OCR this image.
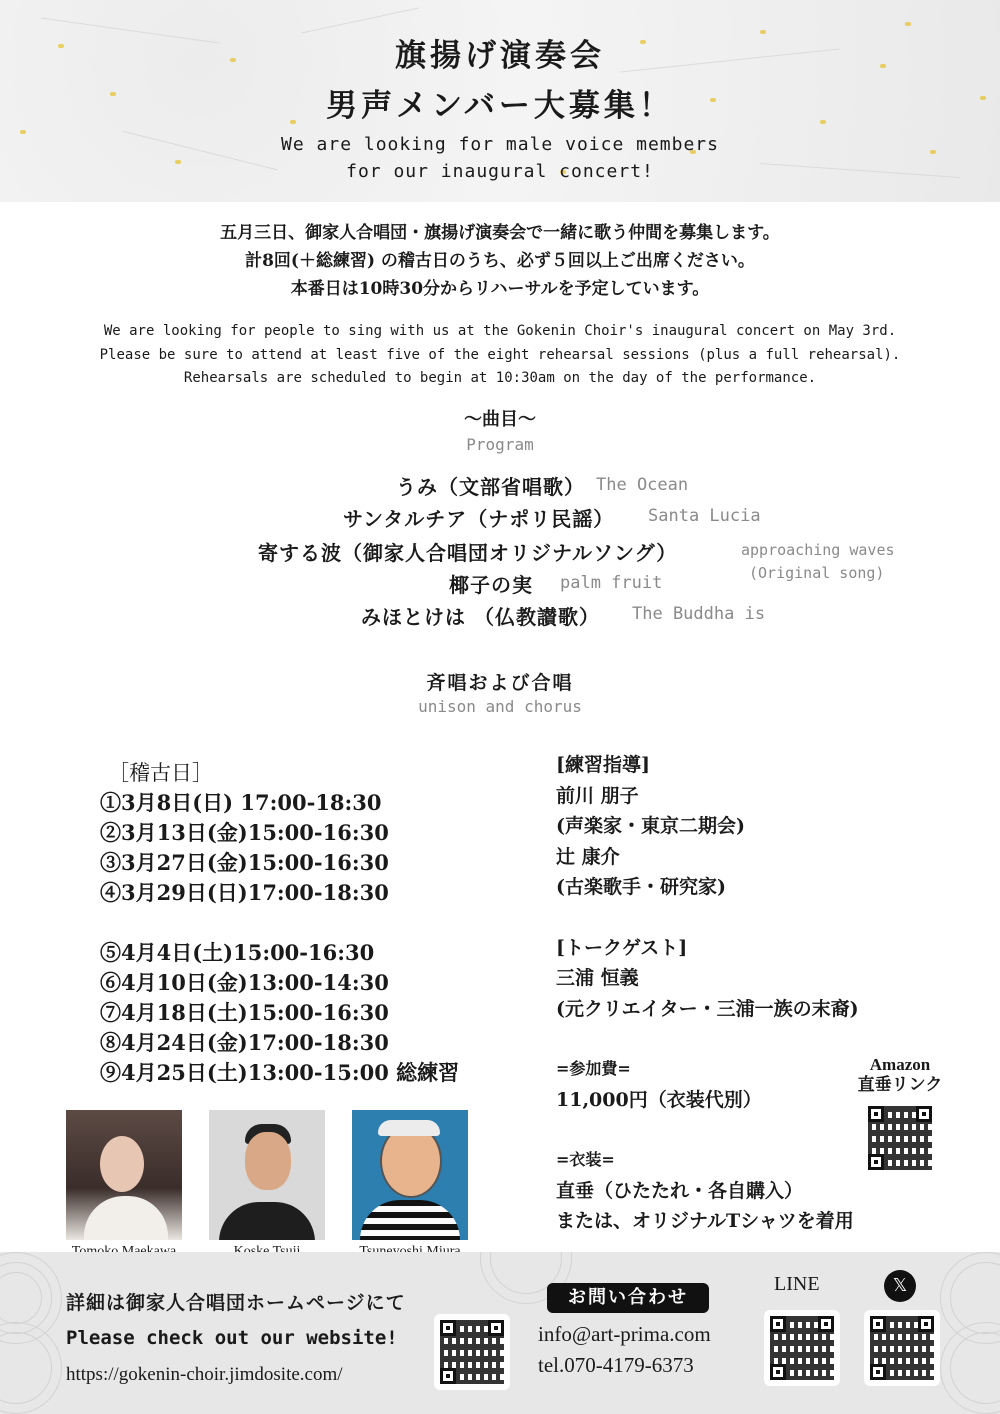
旗揚げ演奏会
男声メンバー大募集！
We are looking for male voice members
for our inaugural concert!
五月三日、御家人合唱団・旗揚げ演奏会で一緒に歌う仲間を募集します。
計8回(＋総練習) の稽古日のうち、必ず５回以上ご出席ください。
本番日は10時30分からリハーサルを予定しています。
We are looking for people to sing with us at the Gokenin Choir's inaugural concert on May 3rd.
Please be sure to attend at least five of the eight rehearsal sessions (plus a full rehearsal).
Rehearsals are scheduled to begin at 10:30am on the day of the performance.
～曲目～
Program
うみ（文部省唱歌） The Ocean
サンタルチア（ナポリ民謡） Santa Lucia
寄する波（御家人合唱団オリジナルソング）	approaching waves
(Original song)
椰子の実 palm fruit
みほとけは （仏教讃歌） The Buddha is
斉唱および合唱
unison and chorus
［稽古日］
①3月8日(日) 17:00-18:30
②3月13日(金)15:00-16:30
③3月27日(金)15:00-16:30
④3月29日(日)17:00-18:30
⑤4月4日(土)15:00-16:30
⑥4月10日(金)13:00-14:30
⑦4月18日(土)15:00-16:30
⑧4月24日(金)17:00-18:30
⑨4月25日(土)13:00-15:00 総練習
[練習指導]
前川 朋子
(声楽家・東京二期会)
辻 康介
(古楽歌手・研究家)
[トークゲスト]
三浦 恒義
(元クリエイター・三浦一族の末裔)
=参加費=
11,000円（衣装代別）
=衣装=
直垂（ひたたれ・各自購入）
または、オリジナルTシャツを着用
Amazon
直垂リンク
詳細は御家人合唱団ホームページにて
Please check out our website!
https://gokenin-choir.jimdosite.com/
お問い合わせ
info@art-prima.com
tel.070-4179-6373
LINE	𝕏
